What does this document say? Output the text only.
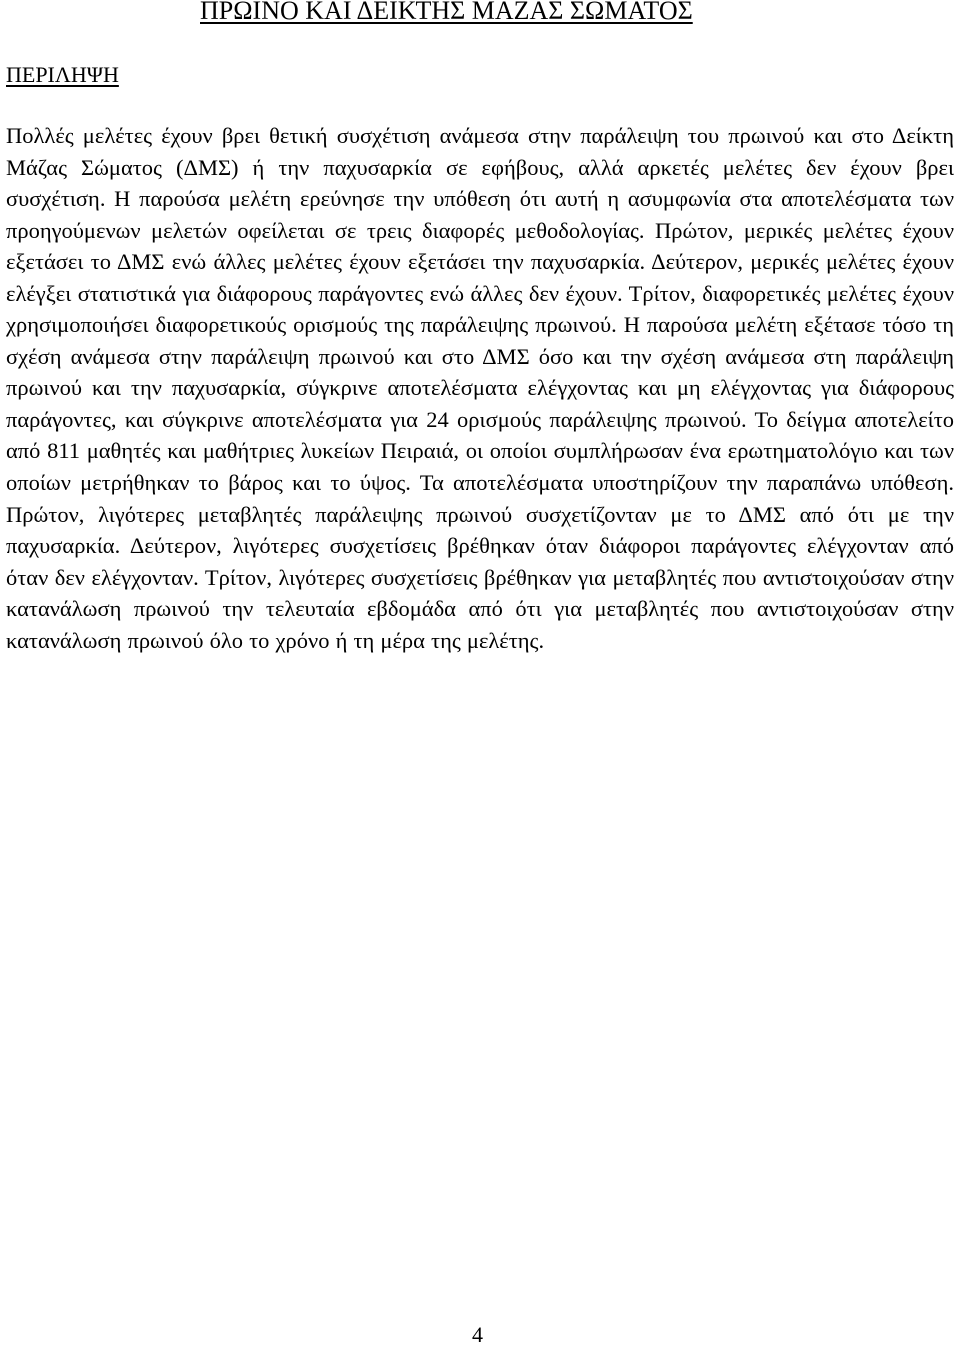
ΠΡΩΙΝΟ ΚΑΙ ΔΕΙΚΤΗΣ ΜΑΖΑΣ ΣΩΜΑΤΟΣ
ΠΕΡΙΛΗΨΗ

Πολλές μελέτες έχουν βρει θετική συσχέτιση ανάμεσα στην παράλειψη του πρωινού και στο Δείκτη Μάζας Σώματος (ΔΜΣ) ή την παχυσαρκία σε εφήβους, αλλά αρκετές μελέτες δεν έχουν βρει συσχέτιση. Η παρούσα μελέτη ερεύνησε την υπόθεση ότι αυτή η ασυμφωνία στα αποτελέσματα των προηγούμενων μελετών οφείλεται σε τρεις διαφορές μεθοδολογίας. Πρώτον, μερικές μελέτες έχουν εξετάσει το ΔΜΣ ενώ άλλες μελέτες έχουν εξετάσει την παχυσαρκία. Δεύτερον, μερικές μελέτες έχουν ελέγξει στατιστικά για διάφορους παράγοντες ενώ άλλες δεν έχουν. Τρίτον, διαφορετικές μελέτες έχουν χρησιμοποιήσει διαφορετικούς ορισμούς της παράλειψης πρωινού. Η παρούσα μελέτη εξέτασε τόσο τη σχέση ανάμεσα στην παράλειψη πρωινού και στο ΔΜΣ όσο και την σχέση ανάμεσα στη παράλειψη πρωινού και την παχυσαρκία, σύγκρινε αποτελέσματα ελέγχοντας και μη ελέγχοντας για διάφορους παράγοντες, και σύγκρινε αποτελέσματα για 24 ορισμούς παράλειψης πρωινού. Το δείγμα αποτελείτο από 811 μαθητές και μαθήτριες λυκείων Πειραιά, οι οποίοι συμπλήρωσαν ένα ερωτηματολόγιο και των οποίων μετρήθηκαν το βάρος και το ύψος. Τα αποτελέσματα υποστηρίζουν την παραπάνω υπόθεση. Πρώτον, λιγότερες μεταβλητές παράλειψης πρωινού συσχετίζονταν με το ΔΜΣ από ότι με την παχυσαρκία. Δεύτερον, λιγότερες συσχετίσεις βρέθηκαν όταν διάφοροι παράγοντες ελέγχονταν από όταν δεν ελέγχονταν. Τρίτον, λιγότερες συσχετίσεις βρέθηκαν για μεταβλητές που αντιστοιχούσαν στην κατανάλωση πρωινού την τελευταία εβδομάδα από ότι για μεταβλητές που αντιστοιχούσαν στην κατανάλωση πρωινού όλο το χρόνο ή τη μέρα της μελέτης.

4
